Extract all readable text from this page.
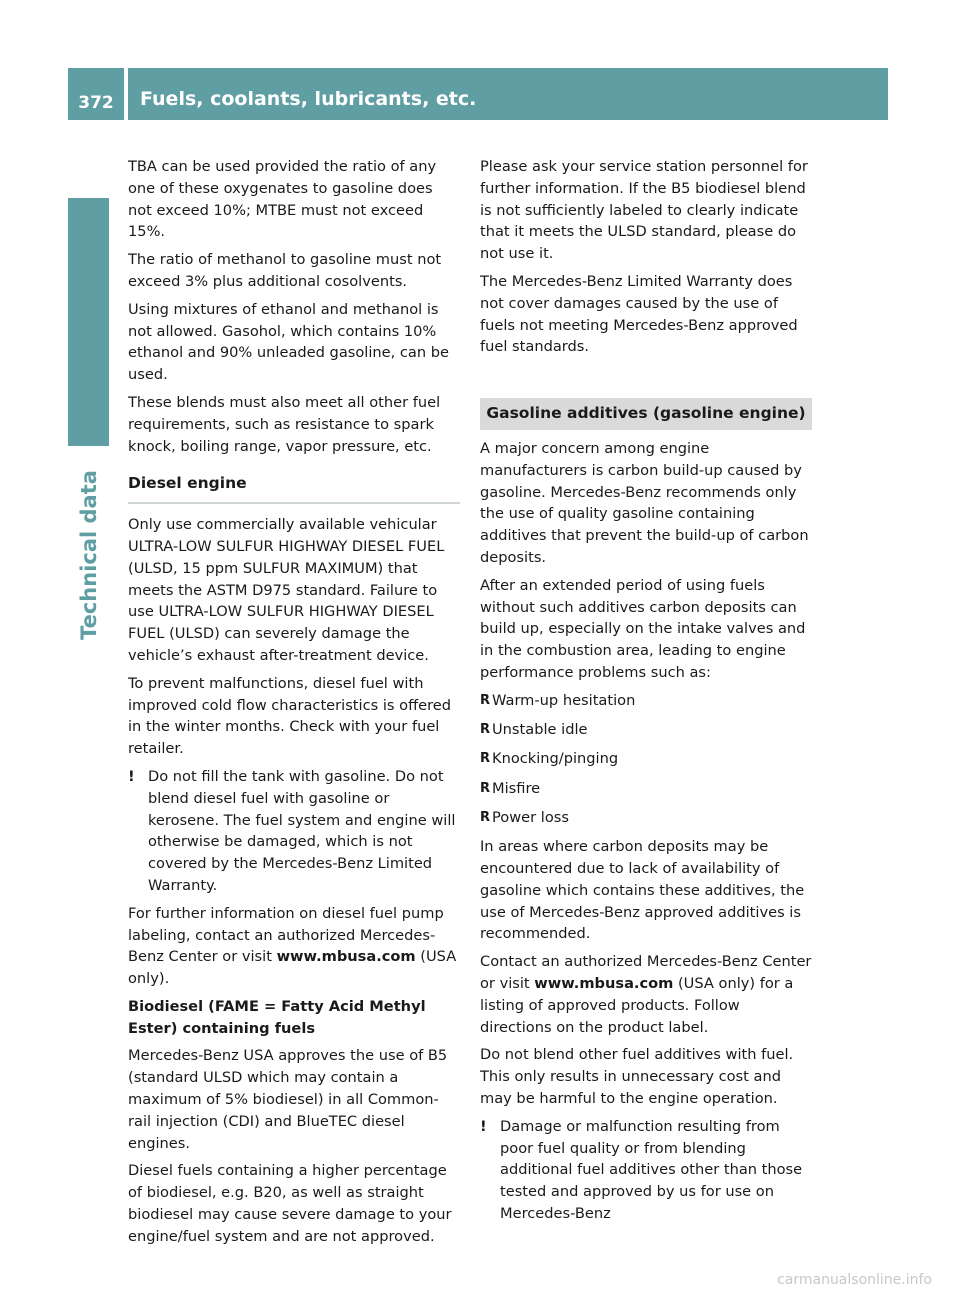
372	Fuels, coolants, lubricants, etc.
Technical data

TBA can be used provided the ratio of any one of these oxygenates to gasoline does not exceed 10%; MTBE must not exceed 15%.

The ratio of methanol to gasoline must not exceed 3% plus additional cosolvents.

Using mixtures of ethanol and methanol is not allowed. Gasohol, which contains 10% ethanol and 90% unleaded gasoline, can be used.

These blends must also meet all other fuel requirements, such as resistance to spark knock, boiling range, vapor pressure, etc.

Diesel engine

Only use commercially available vehicular ULTRA-LOW SULFUR HIGHWAY DIESEL FUEL (ULSD, 15 ppm SULFUR MAXIMUM) that meets the ASTM D975 standard. Failure to use ULTRA-LOW SULFUR HIGHWAY DIESEL FUEL (ULSD) can severely damage the vehicle’s exhaust after-treatment device.

To prevent malfunctions, diesel fuel with improved cold flow characteristics is offered in the winter months. Check with your fuel retailer.

! Do not fill the tank with gasoline. Do not blend diesel fuel with gasoline or kerosene. The fuel system and engine will otherwise be damaged, which is not covered by the Mercedes-Benz Limited Warranty.

For further information on diesel fuel pump labeling, contact an authorized Mercedes-Benz Center or visit www.mbusa.com (USA only).

Biodiesel (FAME = Fatty Acid Methyl Ester) containing fuels

Mercedes-Benz USA approves the use of B5 (standard ULSD which may contain a maximum of 5% biodiesel) in all Common-rail injection (CDI) and BlueTEC diesel engines.

Diesel fuels containing a higher percentage of biodiesel, e.g. B20, as well as straight biodiesel may cause severe damage to your engine/fuel system and are not approved.

Please ask your service station personnel for further information. If the B5 biodiesel blend is not sufficiently labeled to clearly indicate that it meets the ULSD standard, please do not use it.

The Mercedes-Benz Limited Warranty does not cover damages caused by the use of fuels not meeting Mercedes-Benz approved fuel standards.

Gasoline additives (gasoline engine)

A major concern among engine manufacturers is carbon build-up caused by gasoline. Mercedes-Benz recommends only the use of quality gasoline containing additives that prevent the build-up of carbon deposits.

After an extended period of using fuels without such additives carbon deposits can build up, especially on the intake valves and in the combustion area, leading to engine performance problems such as:

R Warm-up hesitation
R Unstable idle
R Knocking/pinging
R Misfire
R Power loss

In areas where carbon deposits may be encountered due to lack of availability of gasoline which contains these additives, the use of Mercedes-Benz approved additives is recommended.

Contact an authorized Mercedes-Benz Center or visit www.mbusa.com (USA only) for a listing of approved products. Follow directions on the product label.

Do not blend other fuel additives with fuel. This only results in unnecessary cost and may be harmful to the engine operation.

! Damage or malfunction resulting from poor fuel quality or from blending additional fuel additives other than those tested and approved by us for use on Mercedes-Benz

carmanualsonline.info
